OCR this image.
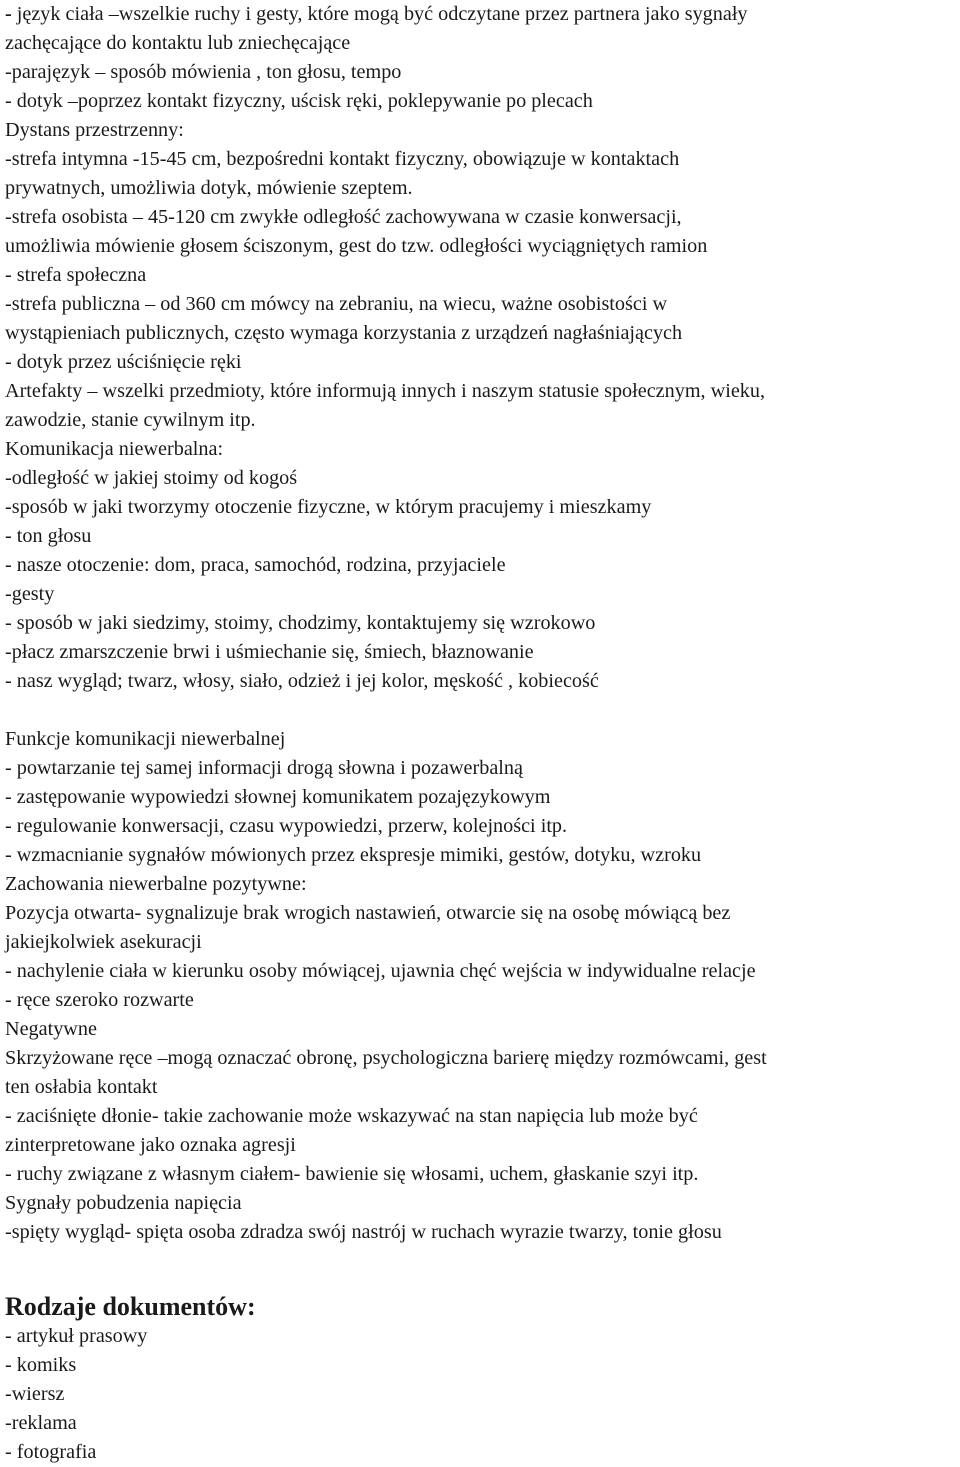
- język ciała –wszelkie ruchy i gesty, które mogą być odczytane przez partnera jako sygnały

zachęcające do kontaktu lub zniechęcające

-parajęzyk – sposób mówienia , ton głosu, tempo

- dotyk –poprzez kontakt fizyczny, uścisk ręki, poklepywanie po plecach

Dystans przestrzenny:

-strefa intymna -15-45 cm, bezpośredni kontakt fizyczny, obowiązuje w kontaktach

prywatnych, umożliwia dotyk, mówienie szeptem.

-strefa osobista – 45-120 cm zwykłe odległość zachowywana w czasie konwersacji,

umożliwia mówienie głosem ściszonym, gest do tzw. odległości wyciągniętych ramion

- strefa społeczna

-strefa publiczna – od 360 cm mówcy na zebraniu, na wiecu, ważne osobistości w

wystąpieniach publicznych, często wymaga korzystania z urządzeń nagłaśniających

- dotyk przez uściśnięcie ręki

Artefakty – wszelki przedmioty, które informują innych i naszym statusie społecznym, wieku,

zawodzie, stanie cywilnym itp.

Komunikacja niewerbalna:

-odległość w jakiej stoimy od kogoś

-sposób w jaki tworzymy otoczenie fizyczne, w którym pracujemy i mieszkamy

- ton głosu

- nasze otoczenie: dom, praca, samochód, rodzina, przyjaciele

-gesty

- sposób w jaki siedzimy, stoimy, chodzimy, kontaktujemy się wzrokowo

-płacz zmarszczenie brwi i uśmiechanie się, śmiech, błaznowanie

- nasz wygląd; twarz, włosy, siało, odzież i jej kolor, męskość , kobiecość

Funkcje komunikacji niewerbalnej

- powtarzanie tej samej informacji drogą słowna i pozawerbalną

- zastępowanie wypowiedzi słownej komunikatem pozajęzykowym

- regulowanie konwersacji, czasu wypowiedzi, przerw, kolejności itp.

- wzmacnianie sygnałów mówionych przez ekspresje mimiki, gestów, dotyku, wzroku

Zachowania niewerbalne pozytywne:

Pozycja otwarta- sygnalizuje brak wrogich nastawień, otwarcie się na osobę mówiącą bez

jakiejkolwiek asekuracji

- nachylenie ciała w kierunku osoby mówiącej, ujawnia chęć wejścia w indywidualne relacje

- ręce szeroko rozwarte

Negatywne

Skrzyżowane ręce –mogą oznaczać obronę, psychologiczna barierę między rozmówcami, gest

ten osłabia kontakt

- zaciśnięte dłonie- takie zachowanie może wskazywać na stan napięcia lub może być

zinterpretowane jako oznaka agresji

- ruchy związane z własnym ciałem- bawienie się włosami, uchem, głaskanie szyi itp.

Sygnały pobudzenia napięcia

-spięty wygląd- spięta osoba zdradza swój nastrój w ruchach wyrazie twarzy, tonie głosu

Rodzaje dokumentów:

- artykuł prasowy

- komiks

-wiersz

-reklama

- fotografia
